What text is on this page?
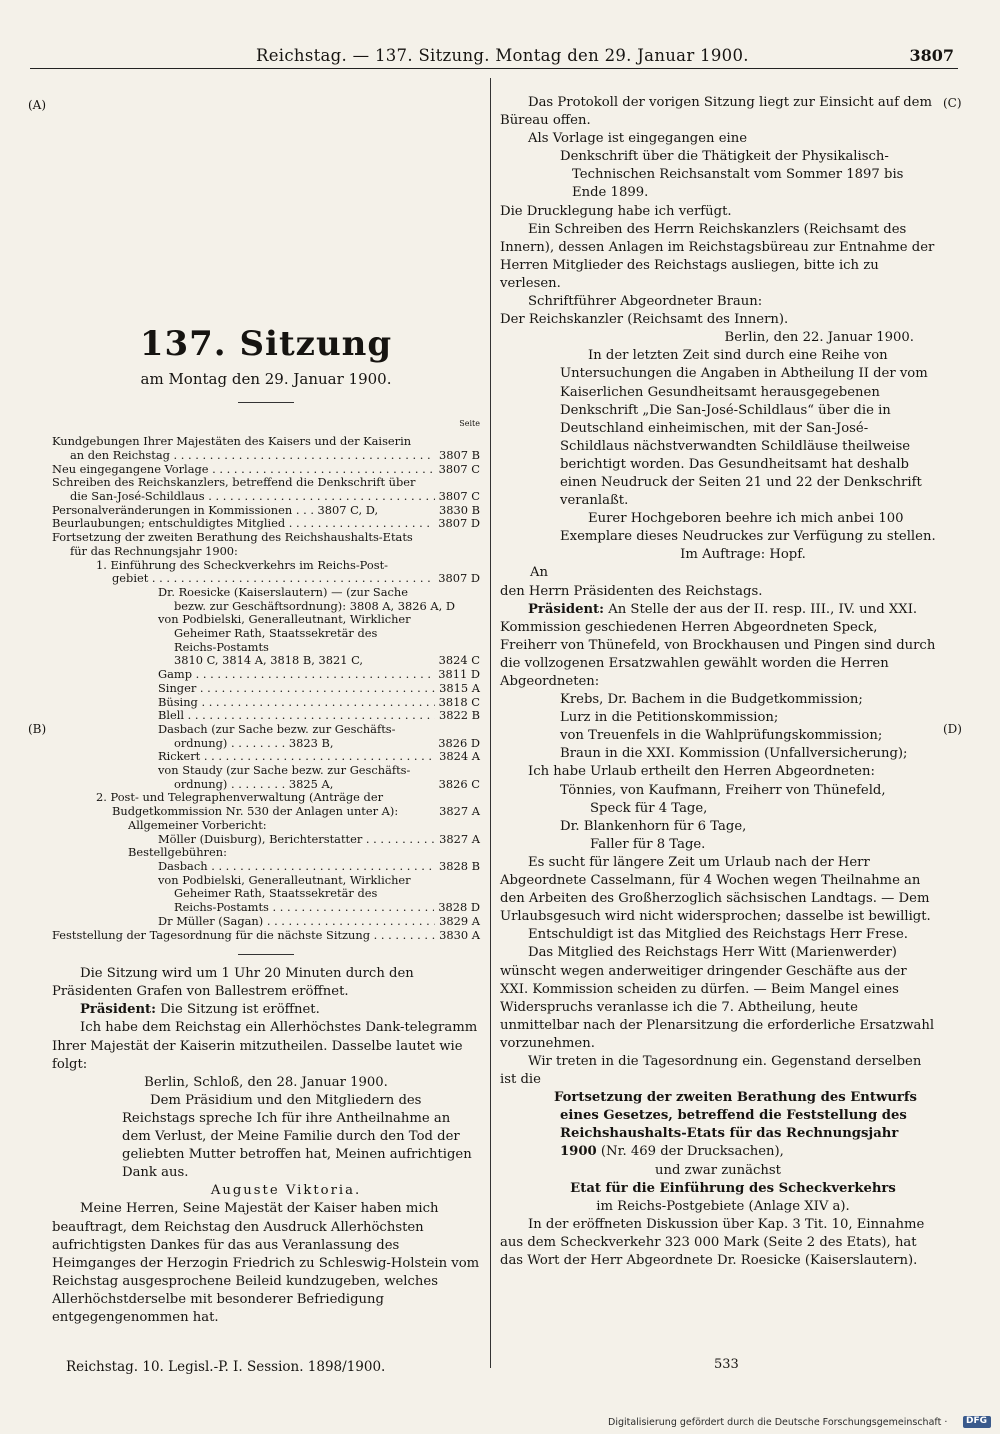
Reichstag. — 137. Sitzung. Montag den 29. Januar 1900.	3807
(A)
(B)
(C)
(D)
137. Sitzung
am Montag den 29. Januar 1900.
Seite
Kundgebungen Ihrer Majestäten des Kaisers und der Kaiserin
an den Reichstag . . .	3807 B
Neu eingegangene Vorlage . . .	3807 C
Schreiben des Reichskanzlers, betreffend die Denkschrift über
die San-José-Schildlaus . . .	3807 C
Personalveränderungen in Kommissionen . . . 3807 C, D,	3830 B
Beurlaubungen; entschuldigtes Mitglied . . .	3807 D
Fortsetzung der zweiten Berathung des Reichshaushalts-Etats
für das Rechnungsjahr 1900:
1. Einführung des Scheckverkehrs im Reichs-Post-
gebiet . . .	3807 D
Dr. Roesicke (Kaiserslautern) — (zur Sache
bezw. zur Geschäftsordnung): 3808 A, 3826 A, D
von Podbielski, Generalleutnant, Wirklicher
Geheimer Rath, Staatssekretär des
Reichs-Postamts
3810 C, 3814 A, 3818 B, 3821 C,	3824 C
Gamp . . .	3811 D
Singer . . .	3815 A
Büsing . . .	3818 C
Blell . . .	3822 B
Dasbach (zur Sache bezw. zur Geschäfts-
ordnung) . . . . . . . . 3823 B,	3826 D
Rickert . . .	3824 A
von Staudy (zur Sache bezw. zur Geschäfts-
ordnung) . . . . . . . . 3825 A,	3826 C
2. Post- und Telegraphenverwaltung (Anträge der
Budgetkommission Nr. 530 der Anlagen unter A):	3827 A
Allgemeiner Vorbericht:
Möller (Duisburg), Berichterstatter . . .	3827 A
Bestellgebühren:
Dasbach . . .	3828 B
von Podbielski, Generalleutnant, Wirklicher
Geheimer Rath, Staatssekretär des
Reichs-Postamts . . .	3828 D
Dr Müller (Sagan) . . .	3829 A
Feststellung der Tagesordnung für die nächste Sitzung . . .	3830 A

Die Sitzung wird um 1 Uhr 20 Minuten durch den Präsidenten Grafen von Ballestrem eröffnet.

Präsident: Die Sitzung ist eröffnet.

Ich habe dem Reichstag ein Allerhöchstes Dank-telegramm Ihrer Majestät der Kaiserin mitzutheilen. Dasselbe lautet wie folgt:

Berlin, Schloß, den 28. Januar 1900.

Dem Präsidium und den Mitgliedern des Reichstags spreche Ich für ihre Antheilnahme an dem Verlust, der Meine Familie durch den Tod der geliebten Mutter betroffen hat, Meinen aufrichtigen Dank aus.

Auguste Viktoria.

Meine Herren, Seine Majestät der Kaiser haben mich beauftragt, dem Reichstag den Ausdruck Allerhöchsten aufrichtigsten Dankes für das aus Veranlassung des Heimganges der Herzogin Friedrich zu Schleswig-Holstein vom Reichstag ausgesprochene Beileid kundzugeben, welches Allerhöchstderselbe mit besonderer Befriedigung entgegengenommen hat.

Das Protokoll der vorigen Sitzung liegt zur Einsicht auf dem Büreau offen.

Als Vorlage ist eingegangen eine

Denkschrift über die Thätigkeit der Physikalisch-Technischen Reichsanstalt vom Sommer 1897 bis Ende 1899.

Die Drucklegung habe ich verfügt.

Ein Schreiben des Herrn Reichskanzlers (Reichsamt des Innern), dessen Anlagen im Reichstagsbüreau zur Entnahme der Herren Mitglieder des Reichstags ausliegen, bitte ich zu verlesen.

Schriftführer Abgeordneter Braun:

Der Reichskanzler (Reichsamt des Innern).

Berlin, den 22. Januar 1900.

In der letzten Zeit sind durch eine Reihe von Untersuchungen die Angaben in Abtheilung II der vom Kaiserlichen Gesundheitsamt herausgegebenen Denkschrift „Die San-José-Schildlaus“ über die in Deutschland einheimischen, mit der San-José-Schildlaus nächstverwandten Schildläuse theilweise berichtigt worden. Das Gesundheitsamt hat deshalb einen Neudruck der Seiten 21 und 22 der Denkschrift veranlaßt.

Eurer Hochgeboren beehre ich mich anbei 100 Exemplare dieses Neudruckes zur Verfügung zu stellen.

Im Auftrage: Hopf.

An

den Herrn Präsidenten des Reichstags.

Präsident: An Stelle der aus der II. resp. III., IV. und XXI. Kommission geschiedenen Herren Abgeordneten Speck, Freiherr von Thünefeld, von Brockhausen und Pingen sind durch die vollzogenen Ersatzwahlen gewählt worden die Herren Abgeordneten:

Krebs, Dr. Bachem in die Budgetkommission;

Lurz in die Petitionskommission;

von Treuenfels in die Wahlprüfungskommission;

Braun in die XXI. Kommission (Unfallversicherung);

Ich habe Urlaub ertheilt den Herren Abgeordneten:

Tönnies, von Kaufmann, Freiherr von Thünefeld,

Speck für 4 Tage,

Dr. Blankenhorn für 6 Tage,

Faller für 8 Tage.

Es sucht für längere Zeit um Urlaub nach der Herr Abgeordnete Casselmann, für 4 Wochen wegen Theilnahme an den Arbeiten des Großherzoglich sächsischen Landtags. — Dem Urlaubsgesuch wird nicht widersprochen; dasselbe ist bewilligt.

Entschuldigt ist das Mitglied des Reichstags Herr Frese.

Das Mitglied des Reichstags Herr Witt (Marienwerder) wünscht wegen anderweitiger dringender Geschäfte aus der XXI. Kommission scheiden zu dürfen. — Beim Mangel eines Widerspruchs veranlasse ich die 7. Abtheilung, heute unmittelbar nach der Plenarsitzung die erforderliche Ersatzwahl vorzunehmen.

Wir treten in die Tagesordnung ein. Gegenstand derselben ist die

Fortsetzung der zweiten Berathung des Entwurfs eines Gesetzes, betreffend die Feststellung des Reichshaushalts-Etats für das Rechnungsjahr 1900 (Nr. 469 der Drucksachen),

und zwar zunächst

Etat für die Einführung des Scheckverkehrs

im Reichs-Postgebiete (Anlage XIV a).

In der eröffneten Diskussion über Kap. 3 Tit. 10, Einnahme aus dem Scheckverkehr 323 000 Mark (Seite 2 des Etats), hat das Wort der Herr Abgeordnete Dr. Roesicke (Kaiserslautern).

Reichstag. 10. Legisl.-P. I. Session. 1898/1900.	533
Digitalisierung gefördert durch die Deutsche Forschungsgemeinschaft ·
DFG
